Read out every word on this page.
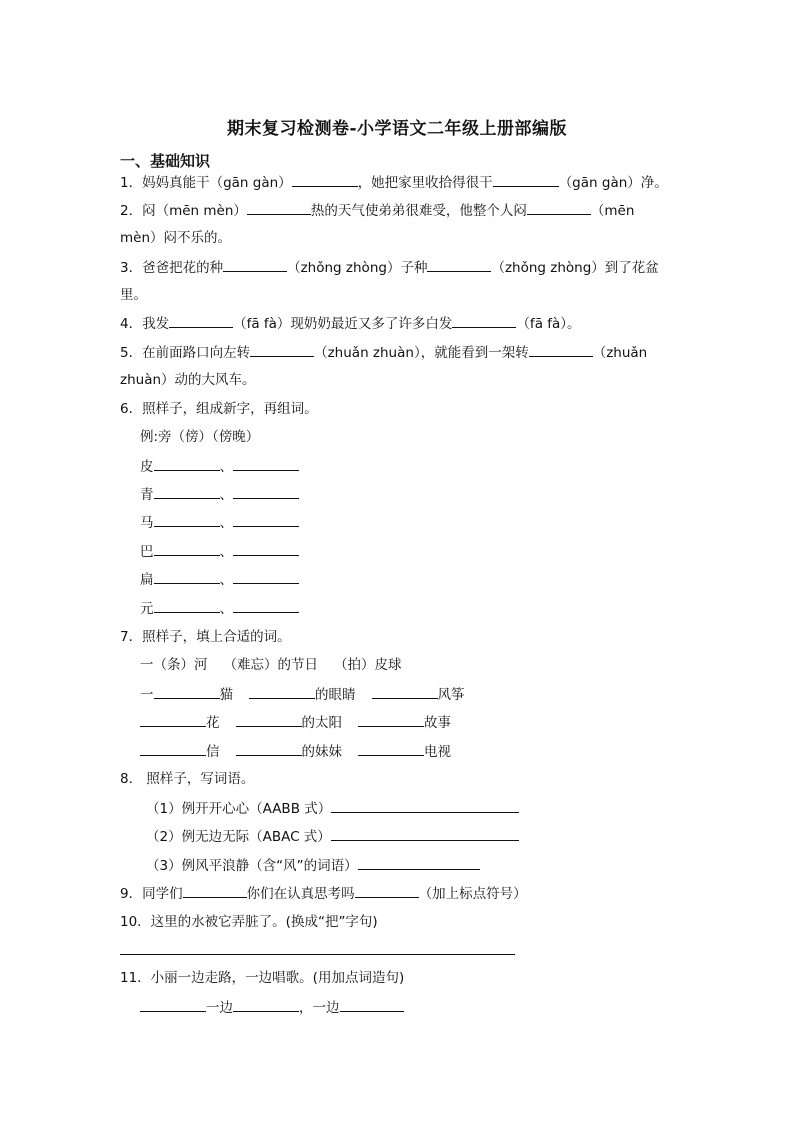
期末复习检测卷-小学语文二年级上册部编版
一、基础知识
1．妈妈真能干（gān gàn）	，她把家里收拾得很干	（gān gàn）净。
2．闷（mēn mèn）	热的天气使弟弟很难受，他整个人闷	（mēn
mèn）闷不乐的。
3．爸爸把花的种	（zhǒng zhòng）子种	（zhǒng zhòng）到了花盆
里。
4．我发	（fā fà）现奶奶最近又多了许多白发	（fā fà）。
5．在前面路口向左转	（zhuǎn zhuàn），就能看到一架转	（zhuǎn
zhuàn）动的大风车。
6．照样子，组成新字，再组词。
例:旁（傍）（傍晚）
皮	、
青	、
马	、
巴	、
扁	、
元	、
7．照样子，填上合适的词。
一（条）河 （难忘）的节日 （拍）皮球
一	猫	的眼睛	风筝
花	的太阳	故事
信	的妹妹	电视
8． 照样子，写词语。
（1）例开开心心（AABB 式）
（2）例无边无际（ABAC 式）
（3）例风平浪静（含“风”的词语）
9．同学们	你们在认真思考吗	（加上标点符号）
10．这里的水被它弄脏了。(换成“把”字句)
11．小丽一边走路，一边唱歌。(用加点词造句)
一边	，一边
